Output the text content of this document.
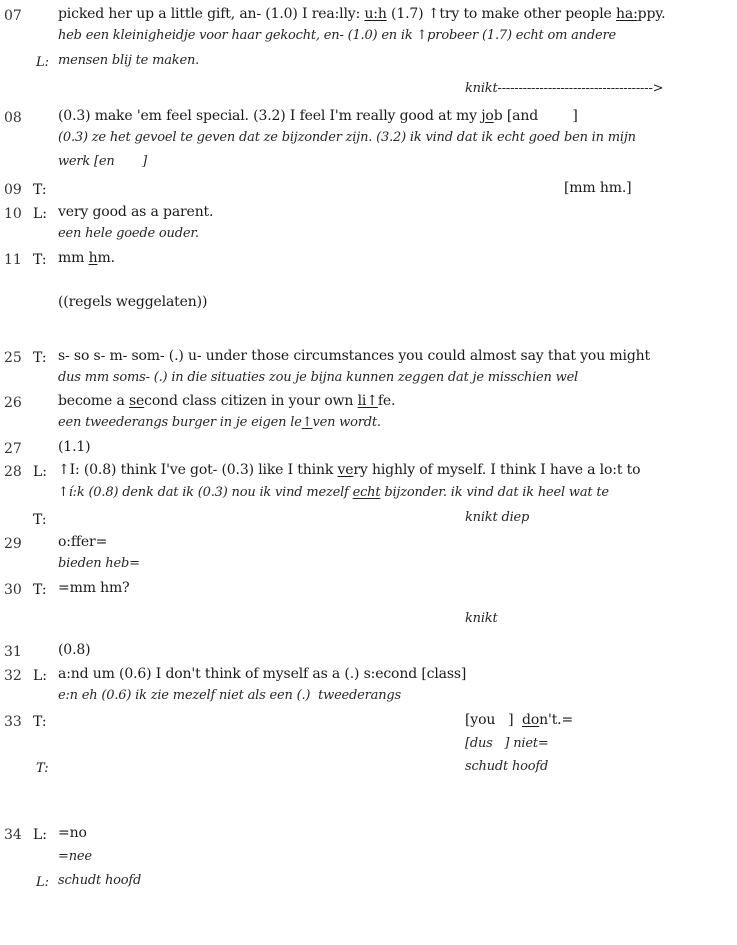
07	picked her up a little gift, an- (1.0) I rea:lly: u:h (1.7) ↑try to make other people ha:ppy.
heb een kleinigheidje voor haar gekocht, en- (1.0) en ik ↑probeer (1.7) echt om andere
L: mensen blij te maken.
knikt------------------------------------->
08	(0.3) make 'em feel special. (3.2) I feel I'm really good at my job [and        ]
(0.3) ze het gevoel te geven dat ze bijzonder zijn. (3.2) ik vind dat ik echt goed ben in mijn
werk [en       ]
09 T:	[mm hm.]
10 L: very good as a parent.
een hele goede ouder.
11 T: mm hm.
((regels weggelaten))
25 T: s- so s- m- som- (.) u- under those circumstances you could almost say that you might
dus mm soms- (.) in die situaties zou je bijna kunnen zeggen dat je misschien wel
26	become a second class citizen in your own li↑fe.
een tweederangs burger in je eigen le↑ven wordt.
27	(1.1)
28 L: ↑I: (0.8) think I've got- (0.3) like I think very highly of myself. I think I have a lo:t to
↑í:k (0.8) denk dat ik (0.3) nou ik vind mezelf echt bijzonder. ik vind dat ik heel wat te
T:	knikt diep
29	o:ffer=
bieden heb=
30 T: =mm hm?
knikt
31	(0.8)
32 L: a:nd um (0.6) I don't think of myself as a (.) s:econd [class]
e:n eh (0.6) ik zie mezelf niet als een (.)  tweederangs
33 T:	[you   ]  don't.=
[dus   ] niet=
T:	schudt hoofd
34 L: =no
=nee
L: schudt hoofd
